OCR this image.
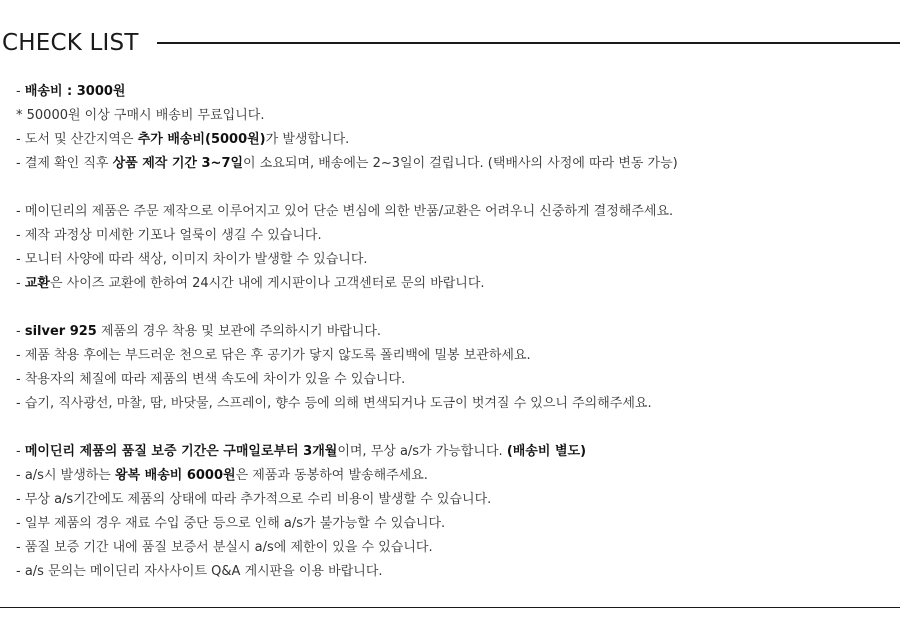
CHECK LIST
- 배송비 : 3000원
* 50000원 이상 구매시 배송비 무료입니다.
- 도서 및 산간지역은 추가 배송비(5000원)가 발생합니다.
- 결제 확인 직후 상품 제작 기간 3~7일이 소요되며, 배송에는 2~3일이 걸립니다. (택배사의 사정에 따라 변동 가능)
- 메이딘리의 제품은 주문 제작으로 이루어지고 있어 단순 변심에 의한 반품/교환은 어려우니 신중하게 결정해주세요.
- 제작 과정상 미세한 기포나 얼룩이 생길 수 있습니다.
- 모니터 사양에 따라 색상, 이미지 차이가 발생할 수 있습니다.
- 교환은 사이즈 교환에 한하여 24시간 내에 게시판이나 고객센터로 문의 바랍니다.
- silver 925 제품의 경우 착용 및 보관에 주의하시기 바랍니다.
- 제품 착용 후에는 부드러운 천으로 닦은 후 공기가 닿지 않도록 폴리백에 밀봉 보관하세요.
- 착용자의 체질에 따라 제품의 변색 속도에 차이가 있을 수 있습니다.
- 습기, 직사광선, 마찰, 땀, 바닷물, 스프레이, 향수 등에 의해 변색되거나 도금이 벗겨질 수 있으니 주의해주세요.
- 메이딘리 제품의 품질 보증 기간은 구매일로부터 3개월이며, 무상 a/s가 가능합니다. (배송비 별도)
- a/s시 발생하는 왕복 배송비 6000원은 제품과 동봉하여 발송해주세요.
- 무상 a/s기간에도 제품의 상태에 따라 추가적으로 수리 비용이 발생할 수 있습니다.
- 일부 제품의 경우 재료 수입 중단 등으로 인해 a/s가 불가능할 수 있습니다.
- 품질 보증 기간 내에 품질 보증서 분실시 a/s에 제한이 있을 수 있습니다.
- a/s 문의는 메이딘리 자사사이트 Q&A 게시판을 이용 바랍니다.
